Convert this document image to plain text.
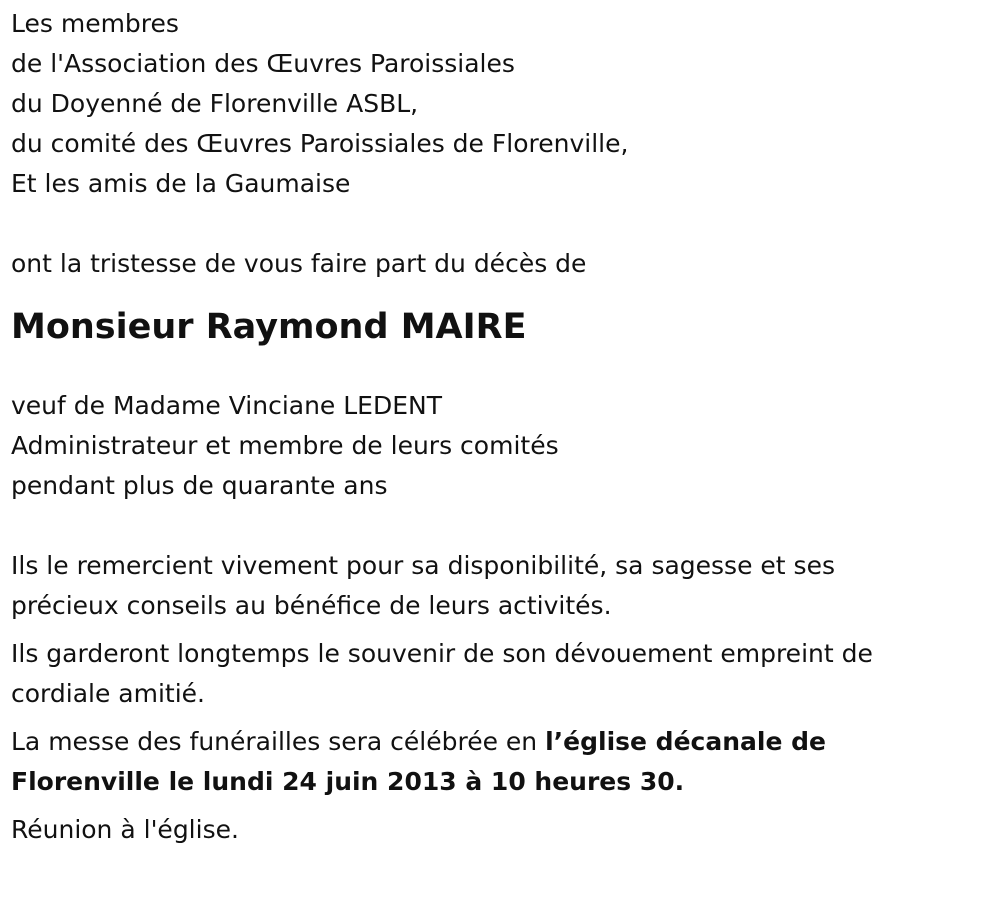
Les membres
de l'Association des Œuvres Paroissiales
du Doyenné de Florenville ASBL,
du comité des Œuvres Paroissiales de Florenville,
Et les amis de la Gaumaise
ont la tristesse de vous faire part du décès de
Monsieur Raymond MAIRE
veuf de Madame Vinciane LEDENT
Administrateur et membre de leurs comités
pendant plus de quarante ans
Ils le remercient vivement pour sa disponibilité, sa sagesse et ses
précieux conseils au bénéfice de leurs activités.
Ils garderont longtemps le souvenir de son dévouement empreint de
cordiale amitié.
La messe des funérailles sera célébrée en l’église décanale de
Florenville le lundi 24 juin 2013 à 10 heures 30.
Réunion à l'église.
